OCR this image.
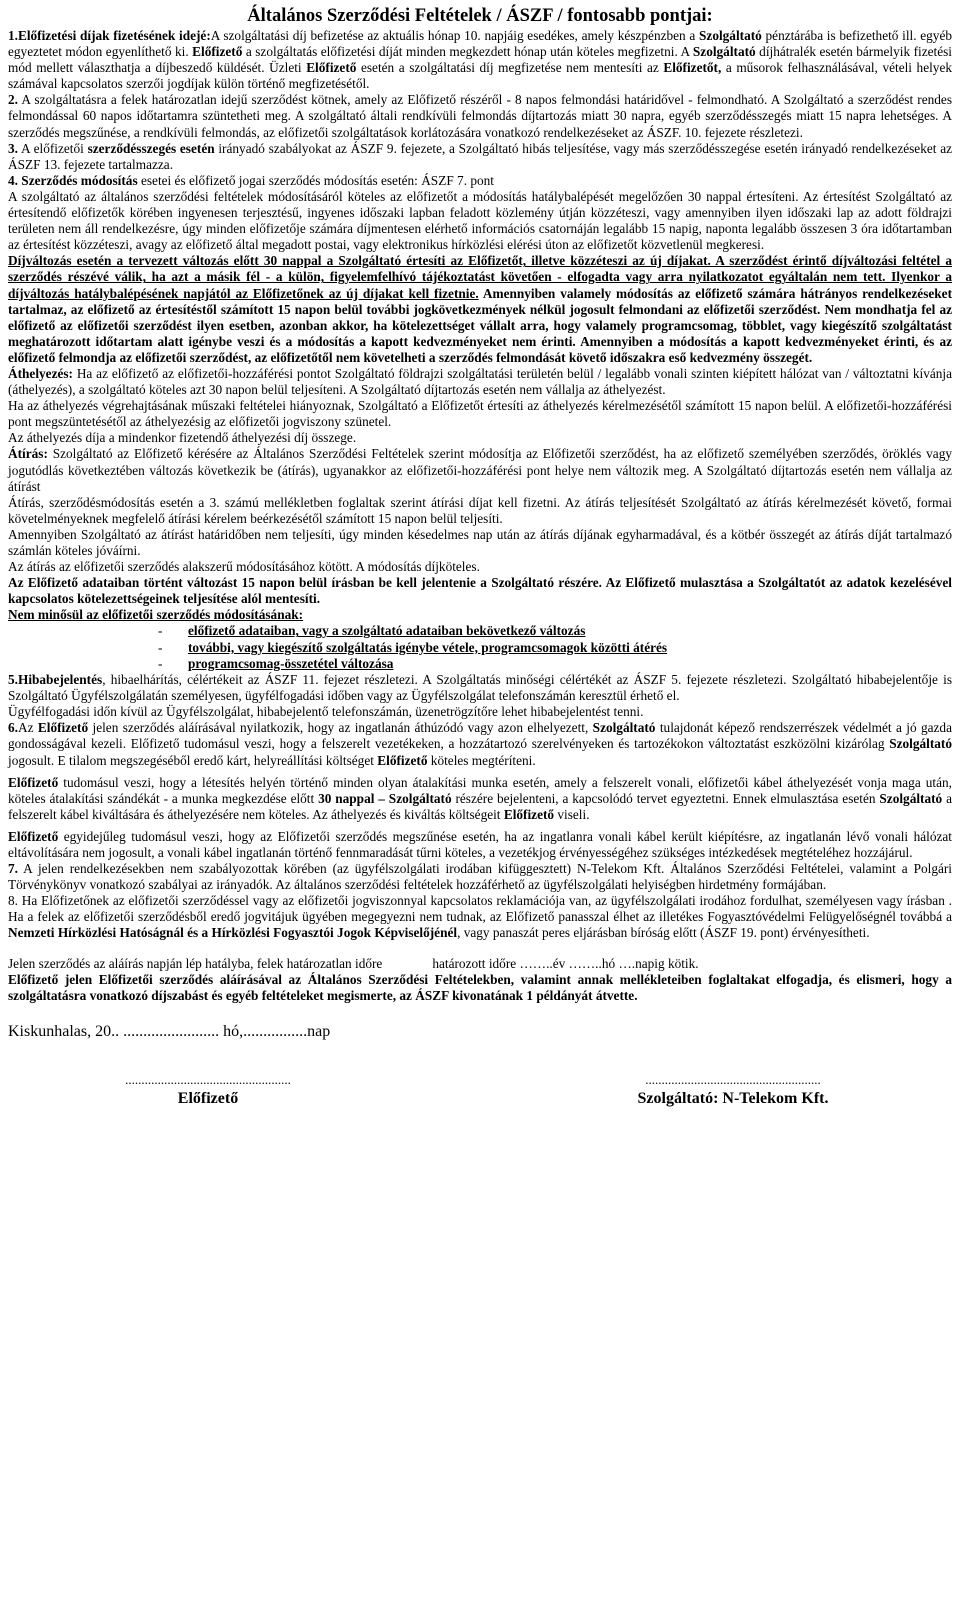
Általános Szerződési Feltételek / ÁSZF / fontosabb pontjai:

1.Előfizetési díjak fizetésének idejé:A szolgáltatási díj befizetése az aktuális hónap 10. napjáig esedékes, amely készpénzben a Szolgáltató pénztárába is befizethető ill. egyéb egyeztetet módon egyenlíthető ki. Előfizető a szolgáltatás előfizetési díját minden megkezdett hónap után köteles megfizetni. A Szolgáltató díjhátralék esetén bármelyik fizetési mód mellett választhatja a díjbeszedő küldését. Üzleti Előfizető esetén a szolgáltatási díj megfizetése nem mentesíti az Előfizetőt, a műsorok felhasználásával, vételi helyek számával kapcsolatos szerzői jogdíjak külön történő megfizetésétől.

2. A szolgáltatásra a felek határozatlan idejű szerződést kötnek, amely az Előfizető részéről - 8 napos felmondási határidővel - felmondható. A Szolgáltató a szerződést rendes felmondással 60 napos időtartamra szüntetheti meg. A szolgáltató általi rendkívüli felmondás díjtartozás miatt 30 napra, egyéb szerződésszegés miatt 15 napra lehetséges. A szerződés megszűnése, a rendkívüli felmondás, az előfizetői szolgáltatások korlátozására vonatkozó rendelkezéseket az ÁSZF. 10. fejezete részletezi.

3. A előfizetői szerződésszegés esetén irányadó szabályokat az ÁSZF 9. fejezete, a Szolgáltató hibás teljesítése, vagy más szerződésszegése esetén irányadó rendelkezéseket az ÁSZF 13. fejezete tartalmazza.

4. Szerződés módosítás esetei és előfizető jogai szerződés módosítás esetén: ÁSZF 7. pont

A szolgáltató az általános szerződési feltételek módosításáról köteles az előfizetőt a módosítás hatálybalépését megelőzően 30 nappal értesíteni. Az értesítést Szolgáltató az értesítendő előfizetők körében ingyenesen terjesztésű, ingyenes időszaki lapban feladott közlemény útján közzéteszi, vagy amennyiben ilyen időszaki lap az adott földrajzi területen nem áll rendelkezésre, úgy minden előfizetője számára díjmentesen elérhető információs csatornáján legalább 15 napig, naponta legalább összesen 3 óra időtartamban az értesítést közzéteszi, avagy az előfizető által megadott postai, vagy elektronikus hírközlési elérési úton az előfizetőt közvetlenül megkeresi.

Díjváltozás esetén a tervezett változás előtt 30 nappal a Szolgáltató értesíti az Előfizetőt, illetve közzéteszi az új díjakat. A szerződést érintő díjváltozási feltétel a szerződés részévé válik, ha azt a másik fél - a külön, figyelemfelhívó tájékoztatást követően - elfogadta vagy arra nyilatkozatot egyáltalán nem tett. Ilyenkor a díjváltozás hatálybalépésének napjától az Előfizetőnek az új díjakat kell fizetnie. Amennyiben valamely módosítás az előfizető számára hátrányos rendelkezéseket tartalmaz, az előfizető az értesítéstől számított 15 napon belül további jogkövetkezmények nélkül jogosult felmondani az előfizetői szerződést. Nem mondhatja fel az előfizető az előfizetői szerződést ilyen esetben, azonban akkor, ha kötelezettséget vállalt arra, hogy valamely programcsomag, többlet, vagy kiegészítő szolgáltatást meghatározott időtartam alatt igénybe veszi és a módosítás a kapott kedvezményeket nem érinti. Amennyiben a módosítás a kapott kedvezményeket érinti, és az előfizető felmondja az előfizetői szerződést, az előfizetőtől nem követelheti a szerződés felmondását követő időszakra eső kedvezmény összegét.

Áthelyezés: Ha az előfizető az előfizetői-hozzáférési pontot Szolgáltató földrajzi szolgáltatási területén belül / legalább vonali szinten kiépített hálózat van / változtatni kívánja (áthelyezés), a szolgáltató köteles azt 30 napon belül teljesíteni. A Szolgáltató díjtartozás esetén nem vállalja az áthelyezést.

Ha az áthelyezés végrehajtásának műszaki feltételei hiányoznak, Szolgáltató a Előfizetőt értesíti az áthelyezés kérelmezésétől számított 15 napon belül. A előfizetői-hozzáférési pont megszüntetésétől az áthelyezésig az előfizetői jogviszony szünetel.

Az áthelyezés díja a mindenkor fizetendő áthelyezési díj összege.

Átírás: Szolgáltató az Előfizető kérésére az Általános Szerződési Feltételek szerint módosítja az Előfizetői szerződést, ha az előfizető személyében szerződés, öröklés vagy jogutódlás következtében változás következik be (átírás), ugyanakkor az előfizetői-hozzáférési pont helye nem változik meg. A Szolgáltató díjtartozás esetén nem vállalja az átírást

Átírás, szerződésmódosítás esetén a 3. számú mellékletben foglaltak szerint átírási díjat kell fizetni. Az átírás teljesítését Szolgáltató az átírás kérelmezését követő, formai követelményeknek megfelelő átírási kérelem beérkezésétől számított 15 napon belül teljesíti.

Amennyiben Szolgáltató az átírást határidőben nem teljesíti, úgy minden késedelmes nap után az átírás díjának egyharmadával, és a kötbér összegét az átírás díját tartalmazó számlán köteles jóváírni.

Az átírás az előfizetői szerződés alakszerű módosításához kötött. A módosítás díjköteles.

Az Előfizető adataiban történt változást 15 napon belül írásban be kell jelentenie a Szolgáltató részére. Az Előfizető mulasztása a Szolgáltatót az adatok kezelésével kapcsolatos kötelezettségeinek teljesítése alól mentesíti.

Nem minősül az előfizetői szerződés módosításának:

- előfizető adataiban, vagy a szolgáltató adataiban bekövetkező változás
- további, vagy kiegészítő szolgáltatás igénybe vétele, programcsomagok közötti átérés
- programcsomag-összetétel változása

5.Hibabejelentés, hibaelhárítás, célértékeit az ÁSZF 11. fejezet részletezi. A Szolgáltatás minőségi célértékét az ÁSZF 5. fejezete részletezi. Szolgáltató hibabejelentője is Szolgáltató Ügyfélszolgálatán személyesen, ügyfélfogadási időben vagy az Ügyfélszolgálat telefonszámán keresztül érhető el.

Ügyfélfogadási időn kívül az Ügyfélszolgálat, hibabejelentő telefonszámán, üzenetrögzítőre lehet hibabejelentést tenni.

6.Az Előfizető jelen szerződés aláírásával nyilatkozik, hogy az ingatlanán áthúzódó vagy azon elhelyezett, Szolgáltató tulajdonát képező rendszerrészek védelmét a jó gazda gondosságával kezeli. Előfizető tudomásul veszi, hogy a felszerelt vezetékeken, a hozzátartozó szerelvényeken és tartozékokon változtatást eszközölni kizárólag Szolgáltató jogosult. E tilalom megszegéséből eredő kárt, helyreállítási költséget Előfizető köteles megtéríteni.

Előfizető tudomásul veszi, hogy a létesítés helyén történő minden olyan átalakítási munka esetén, amely a felszerelt vonali, előfizetői kábel áthelyezését vonja maga után, köteles átalakítási szándékát - a munka megkezdése előtt 30 nappal – Szolgáltató részére bejelenteni, a kapcsolódó tervet egyeztetni. Ennek elmulasztása esetén Szolgáltató a felszerelt kábel kiváltására és áthelyezésére nem köteles. Az áthelyezés és kiváltás költségeit Előfizető viseli.

Előfizető egyidejűleg tudomásul veszi, hogy az Előfizetői szerződés megszűnése esetén, ha az ingatlanra vonali kábel került kiépítésre, az ingatlanán lévő vonali hálózat eltávolítására nem jogosult, a vonali kábel ingatlanán történő fennmaradását tűrni köteles, a vezetékjog érvényességéhez szükséges intézkedések megtételéhez hozzájárul.

7. A jelen rendelkezésekben nem szabályozottak körében (az ügyfélszolgálati irodában kifüggesztett) N-Telekom Kft. Általános Szerződési Feltételei, valamint a Polgári Törvénykönyv vonatkozó szabályai az irányadók. Az általános szerződési feltételek hozzáférhető az ügyfélszolgálati helyiségben hirdetmény formájában.

8. Ha Előfizetőnek az előfizetői szerződéssel vagy az előfizetői jogviszonnyal kapcsolatos reklamációja van, az ügyfélszolgálati irodához fordulhat, személyesen vagy írásban . Ha a felek az előfizetői szerződésből eredő jogvitájuk ügyében megegyezni nem tudnak, az Előfizető panasszal élhet az illetékes Fogyasztóvédelmi Felügyelőségnél továbbá a Nemzeti Hírközlési Hatóságnál és a Hírközlési Fogyasztói Jogok Képviselőjénél, vagy panaszát peres eljárásban bíróság előtt (ÁSZF 19. pont) érvényesítheti.

Jelen szerződés az aláírás napján lép hatályba, felek határozatlan időre	határozott időre ……..év ……..hó ….napig kötik.

Előfizető jelen Előfizetői szerződés aláírásával az Általános Szerződési Feltételekben, valamint annak mellékleteiben foglaltakat elfogadja, és elismeri, hogy a szolgáltatásra vonatkozó díjszabást és egyéb feltételeket megismerte, az ÁSZF kivonatának 1 példányát átvette.

Kiskunhalas, 20.. ........................ hó,................nap

...................................................
Előfizető
......................................................
Szolgáltató: N-Telekom Kft.
